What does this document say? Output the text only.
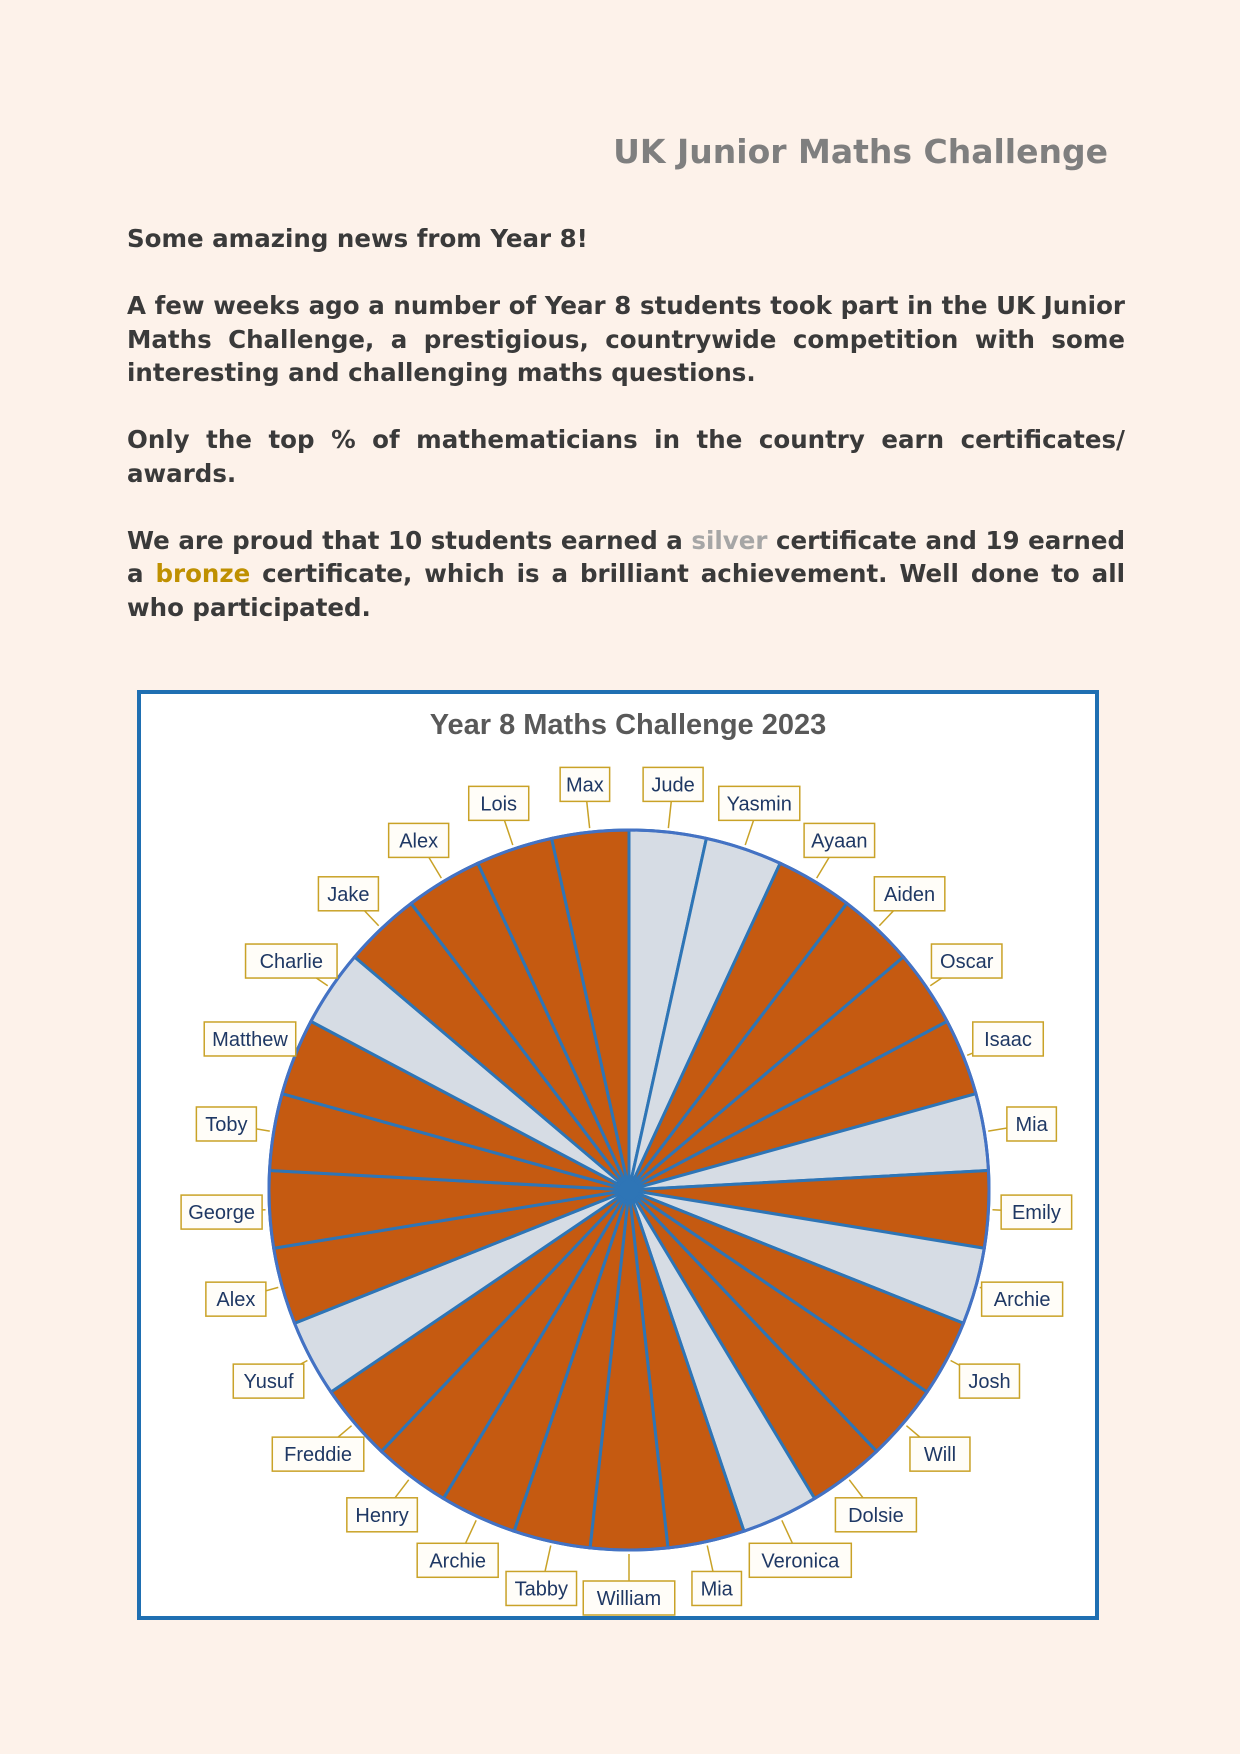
UK Junior Maths Challenge

Some amazing news from Year 8!

A few weeks ago a number of Year 8 students took part in the UK Junior Maths Challenge, a prestigious, countrywide competition with some interesting and challenging maths questions.

Only the top % of mathematicians in the country earn certificates/ awards.

We are proud that 10 students earned a silver certificate and 19 earned a bronze certificate, which is a brilliant achievement. Well done to all who participated.

Year 8 Maths Challenge 2023
Jude
Yasmin
Ayaan
Aiden
Oscar
Isaac
Mia
Emily
Archie
Josh
Will
Dolsie
Veronica
Mia
William
Tabby
Archie
Henry
Freddie
Yusuf
Alex
George
Toby
Matthew
Charlie
Jake
Alex
Lois
Max
